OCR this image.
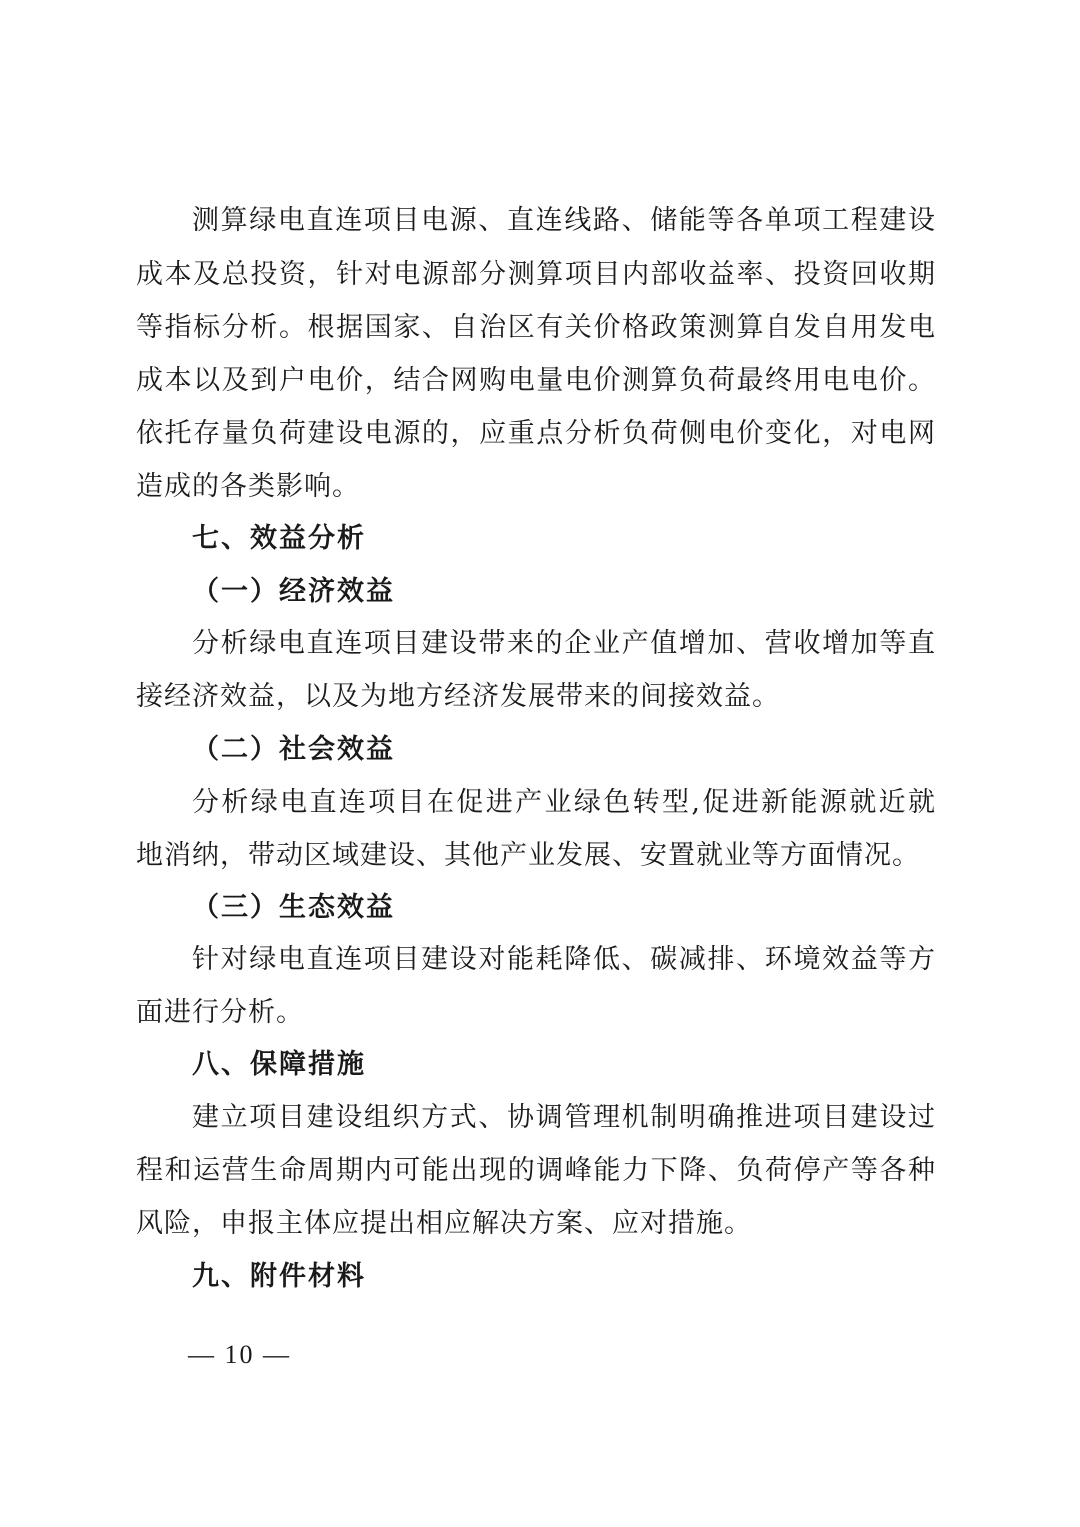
测算绿电直连项目电源、直连线路、储能等各单项工程建设
成本及总投资，针对电源部分测算项目内部收益率、投资回收期
等指标分析。根据国家、自治区有关价格政策测算自发自用发电
成本以及到户电价，结合网购电量电价测算负荷最终用电电价。
依托存量负荷建设电源的，应重点分析负荷侧电价变化，对电网
造成的各类影响。
七、效益分析
（一）经济效益
分析绿电直连项目建设带来的企业产值增加、营收增加等直
接经济效益，以及为地方经济发展带来的间接效益。
（二）社会效益
分析绿电直连项目在促进产业绿色转型,促进新能源就近就
地消纳，带动区域建设、其他产业发展、安置就业等方面情况。
（三）生态效益
针对绿电直连项目建设对能耗降低、碳减排、环境效益等方
面进行分析。
八、保障措施
建立项目建设组织方式、协调管理机制明确推进项目建设过
程和运营生命周期内可能出现的调峰能力下降、负荷停产等各种
风险，申报主体应提出相应解决方案、应对措施。
九、附件材料
— 10 —
